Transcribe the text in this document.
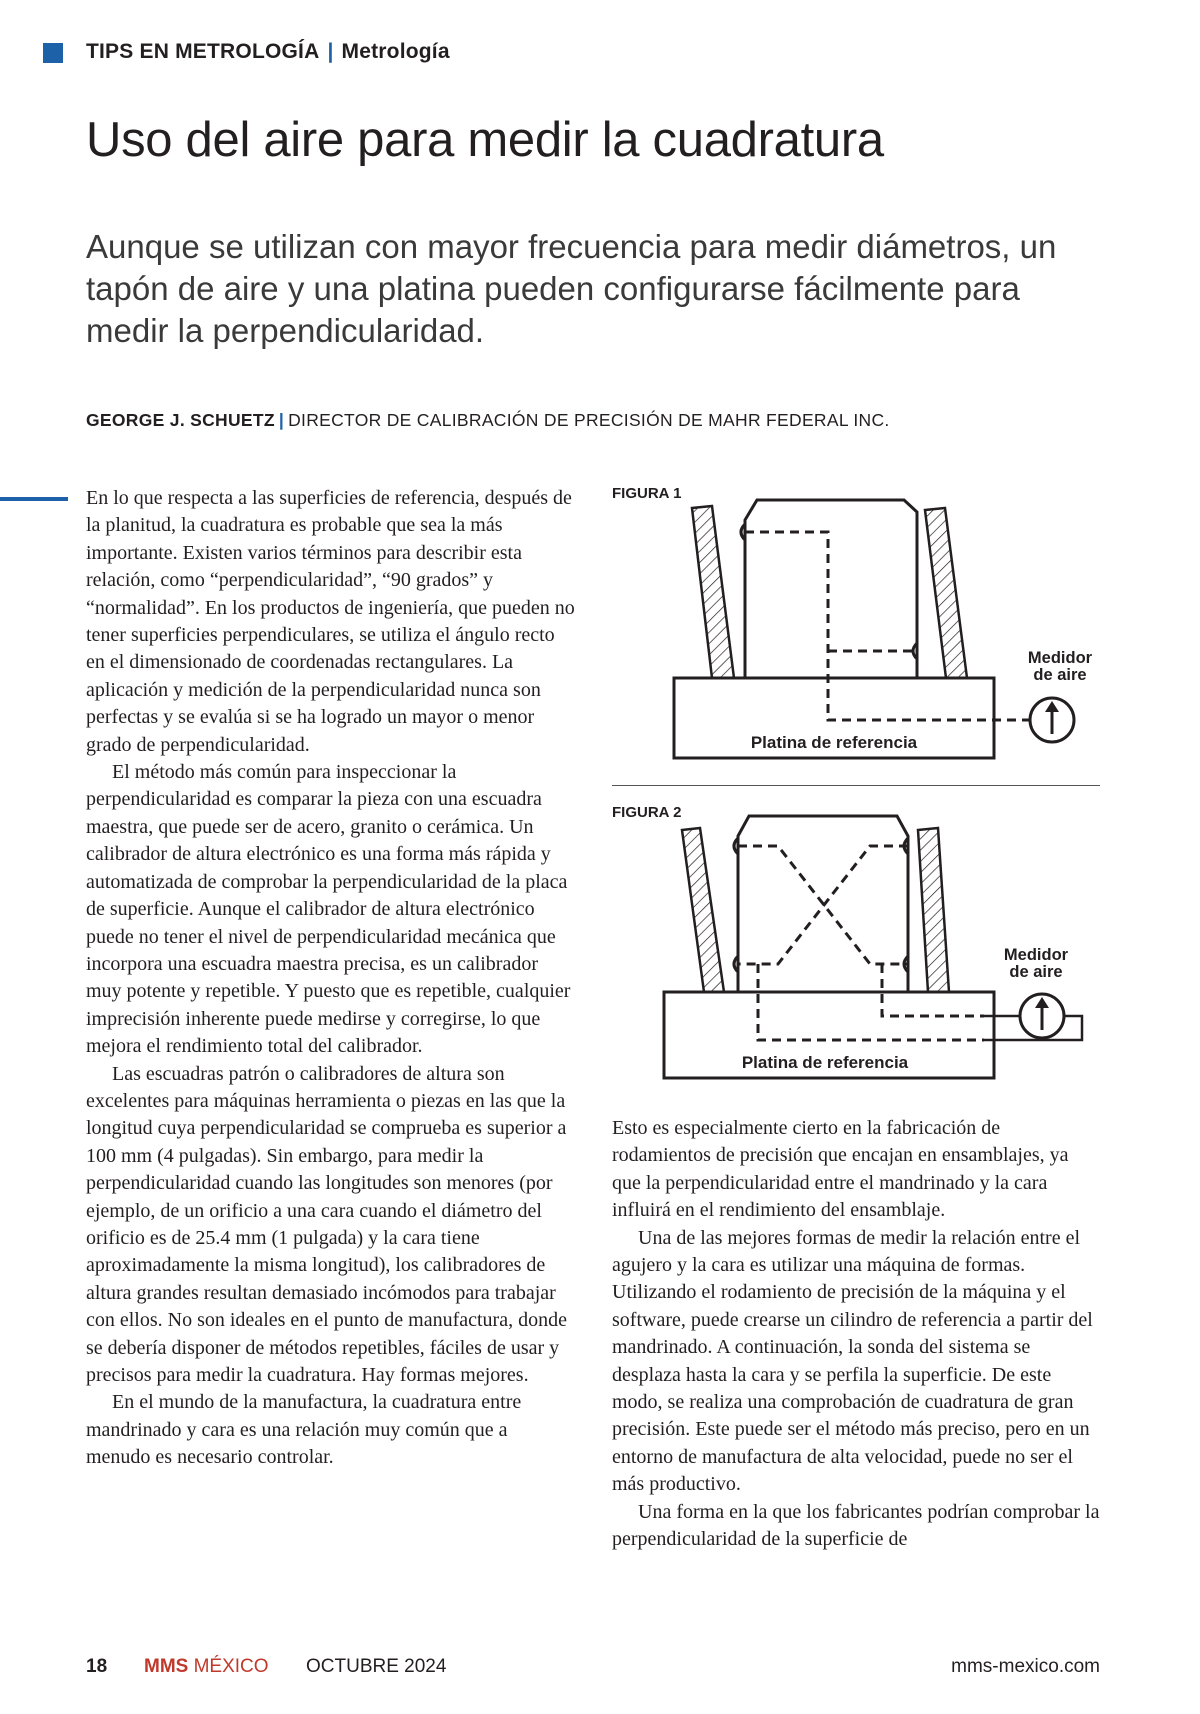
TIPS EN METROLOGÍA | Metrología
Uso del aire para medir la cuadratura

Aunque se utilizan con mayor frecuencia para medir diámetros, un tapón de aire y una platina pueden configurarse fácilmente para medir la perpendicularidad.

GEORGE J. SCHUETZ | DIRECTOR DE CALIBRACIÓN DE PRECISIÓN DE MAHR FEDERAL INC.

En lo que respecta a las superficies de referencia, después de la planitud, la cuadratura es probable que sea la más importante. Existen varios términos para describir esta relación, como “perpendicularidad”, “90 grados” y “normalidad”. En los productos de ingeniería, que pueden no tener superficies perpendiculares, se utiliza el ángulo recto en el dimensionado de coordenadas rectangulares. La aplicación y medición de la perpendicularidad nunca son perfectas y se evalúa si se ha logrado un mayor o menor grado de perpendicularidad.

El método más común para inspeccionar la perpendicularidad es comparar la pieza con una escuadra maestra, que puede ser de acero, granito o cerámica. Un calibrador de altura electrónico es una forma más rápida y automatizada de comprobar la perpendicularidad de la placa de superficie. Aunque el calibrador de altura electrónico puede no tener el nivel de perpendicularidad mecánica que incorpora una escuadra maestra precisa, es un calibrador muy potente y repetible. Y puesto que es repetible, cualquier imprecisión inherente puede medirse y corregirse, lo que mejora el rendimiento total del calibrador.

Las escuadras patrón o calibradores de altura son excelentes para máquinas herramienta o piezas en las que la longitud cuya perpendicularidad se comprueba es superior a 100 mm (4 pulgadas). Sin embargo, para medir la perpendicularidad cuando las longitudes son menores (por ejemplo, de un orificio a una cara cuando el diámetro del orificio es de 25.4 mm (1 pulgada) y la cara tiene aproximadamente la misma longitud), los calibradores de altura grandes resultan demasiado incómodos para trabajar con ellos. No son ideales en el punto de manufactura, donde se debería disponer de métodos repetibles, fáciles de usar y precisos para medir la cuadratura. Hay formas mejores.

En el mundo de la manufactura, la cuadratura entre mandrinado y cara es una relación muy común que a menudo es necesario controlar.

FIGURA 1
Medidor
de aire
Platina de referencia
FIGURA 2
Medidor
de aire
Platina de referencia

Esto es especialmente cierto en la fabricación de rodamientos de precisión que encajan en ensamblajes, ya que la perpendicularidad entre el mandrinado y la cara influirá en el rendimiento del ensamblaje.

Una de las mejores formas de medir la relación entre el agujero y la cara es utilizar una máquina de formas. Utilizando el rodamiento de precisión de la máquina y el software, puede crearse un cilindro de referencia a partir del mandrinado. A continuación, la sonda del sistema se desplaza hasta la cara y se perfila la superficie. De este modo, se realiza una comprobación de cuadratura de gran precisión. Este puede ser el método más preciso, pero en un entorno de manufactura de alta velocidad, puede no ser el más productivo.

Una forma en la que los fabricantes podrían comprobar la perpendicularidad de la superficie de

18 MMS MÉXICO OCTUBRE 2024	mms-mexico.com
